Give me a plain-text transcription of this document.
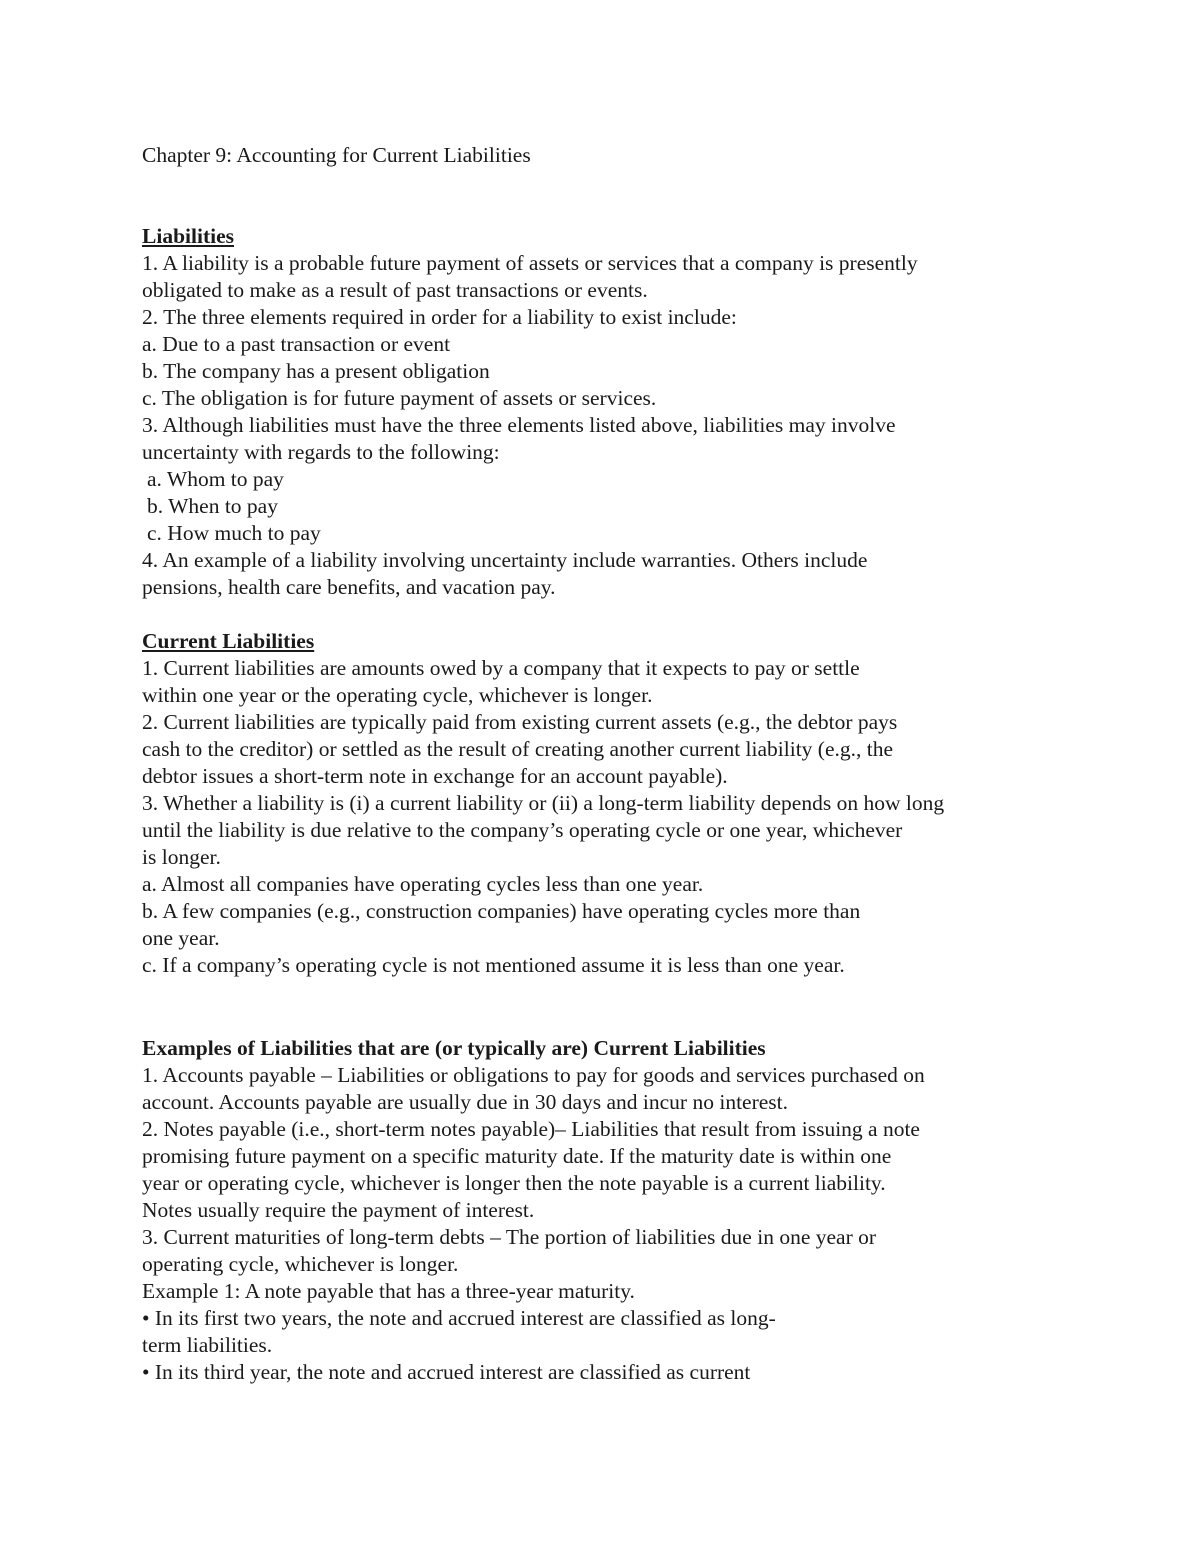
Chapter 9: Accounting for Current Liabilities
Liabilities
1. A liability is a probable future payment of assets or services that a company is presently
obligated to make as a result of past transactions or events.
2. The three elements required in order for a liability to exist include:
a. Due to a past transaction or event
b. The company has a present obligation
c. The obligation is for future payment of assets or services.
3. Although liabilities must have the three elements listed above, liabilities may involve
uncertainty with regards to the following:
a. Whom to pay
b. When to pay
c. How much to pay
4. An example of a liability involving uncertainty include warranties. Others include
pensions, health care benefits, and vacation pay.
Current Liabilities
1. Current liabilities are amounts owed by a company that it expects to pay or settle
within one year or the operating cycle, whichever is longer.
2. Current liabilities are typically paid from existing current assets (e.g., the debtor pays
cash to the creditor) or settled as the result of creating another current liability (e.g., the
debtor issues a short-term note in exchange for an account payable).
3. Whether a liability is (i) a current liability or (ii) a long-term liability depends on how long
until the liability is due relative to the company’s operating cycle or one year, whichever
is longer.
a. Almost all companies have operating cycles less than one year.
b. A few companies (e.g., construction companies) have operating cycles more than
one year.
c. If a company’s operating cycle is not mentioned assume it is less than one year.
Examples of Liabilities that are (or typically are) Current Liabilities
1. Accounts payable – Liabilities or obligations to pay for goods and services purchased on
account. Accounts payable are usually due in 30 days and incur no interest.
2. Notes payable (i.e., short-term notes payable)– Liabilities that result from issuing a note
promising future payment on a specific maturity date. If the maturity date is within one
year or operating cycle, whichever is longer then the note payable is a current liability.
Notes usually require the payment of interest.
3. Current maturities of long-term debts – The portion of liabilities due in one year or
operating cycle, whichever is longer.
Example 1: A note payable that has a three-year maturity.
• In its first two years, the note and accrued interest are classified as long-
term liabilities.
• In its third year, the note and accrued interest are classified as current
